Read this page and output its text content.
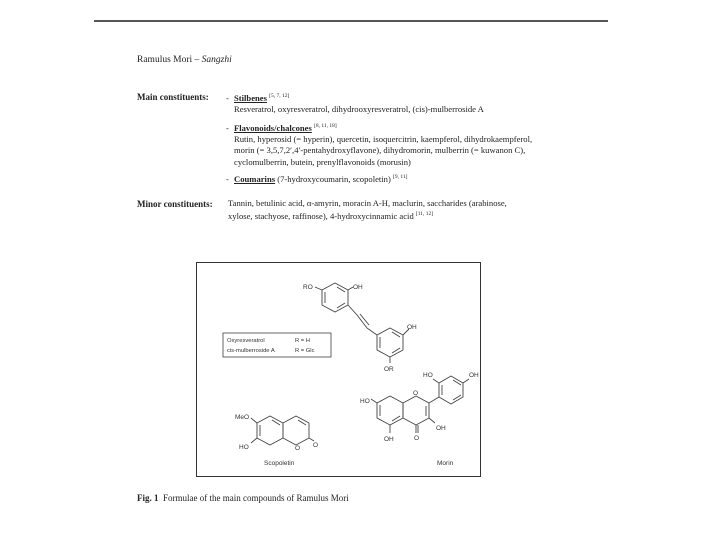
Ramulus Mori – Sangzhi
Main constituents: - Stilbenes [5, 7, 12]
Resveratrol, oxyresveratrol, dihydrooxyresveratrol, (cis)-mulberroside A
- Flavonoids/chalcones [8, 11, 18]
Rutin, hyperosid (= hyperin), quercetin, isoquercitrin, kaempferol, dihydrokaempferol,
morin (= 3,5,7,2′,4′-pentahydroxyflavone), dihydromorin, mulberrin (= kuwanon C),
cyclomulberrin, butein, prenylflavonoids (morusin)
- Coumarins (7-hydroxycoumarin, scopoletin) [9, 11]
Minor constituents: Tannin, betulinic acid, α-amyrin, moracin A-H, maclurin, saccharides (arabinose,
xylose, stachyose, raffinose), 4-hydroxycinnamic acid [11, 12]
RO	OH
OH
OR
Oxyresveratrol	R = H
cis-mulberroside A	R = Glc
MeO
HO	O O
Scopoletin
HO
O
OH
OH	O
HO	OH
Morin
Fig. 1 Formulae of the main compounds of Ramulus Mori
